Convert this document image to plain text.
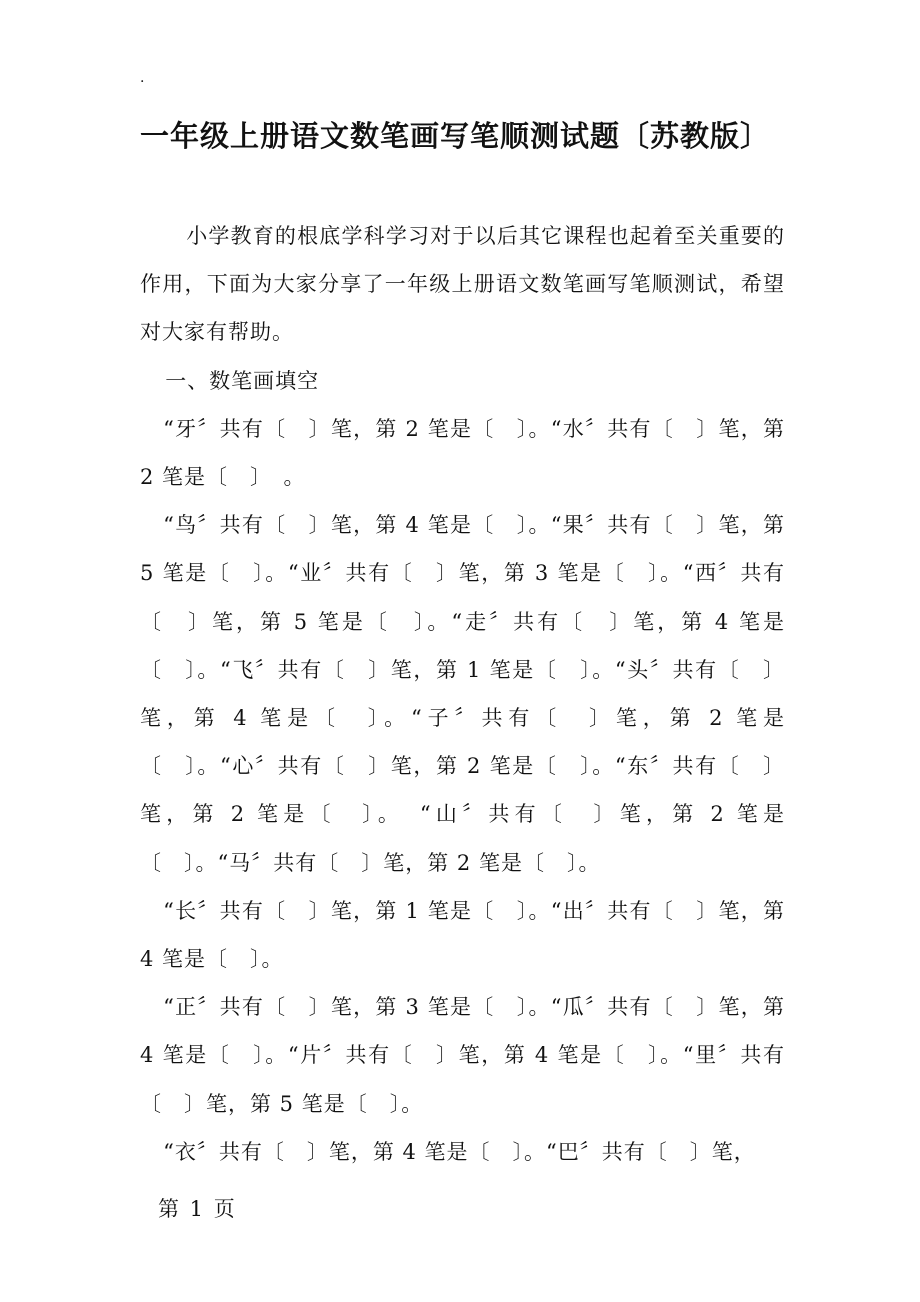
·
一年级上册语文数笔画写笔顺测试题〔苏教版〕

小学教育的根底学科学习对于以后其它课程也起着至关重要的作用，下面为大家分享了一年级上册语文数笔画写笔顺测试，希望对大家有帮助。

一、数笔画填空

“牙〞共有〔　〕笔，第 2 笔是〔　〕。“水〞共有〔　〕笔，第 2 笔是〔　〕　。

“鸟〞共有〔　〕笔，第 4 笔是〔　〕。“果〞共有〔　〕笔，第 5 笔是〔　〕。“业〞共有〔　〕笔，第 3 笔是〔　〕。“西〞共有〔　〕笔，第 5 笔是〔　〕。“走〞共有〔　〕笔，第 4 笔是〔　〕。“飞〞共有〔　〕笔，第 1 笔是〔　〕。“头〞共有〔　〕笔，第 4 笔是〔　〕。“子〞共有〔　〕笔，第 2 笔是〔　〕。“心〞共有〔　〕笔，第 2 笔是〔　〕。“东〞共有〔　〕笔，第 2 笔是〔　〕。　“山〞共有〔　〕笔，第 2 笔是〔　〕。“马〞共有〔　〕笔，第 2 笔是〔　〕。

“长〞共有〔　〕笔，第 1 笔是〔　〕。“出〞共有〔　〕笔，第 4 笔是〔　〕。

“正〞共有〔　〕笔，第 3 笔是〔　〕。“瓜〞共有〔　〕笔，第 4 笔是〔　〕。“片〞共有〔　〕笔，第 4 笔是〔　〕。“里〞共有〔　〕笔，第 5 笔是〔　〕。

“衣〞共有〔　〕笔，第 4 笔是〔　〕。“巴〞共有〔　〕笔，

第 1 页
